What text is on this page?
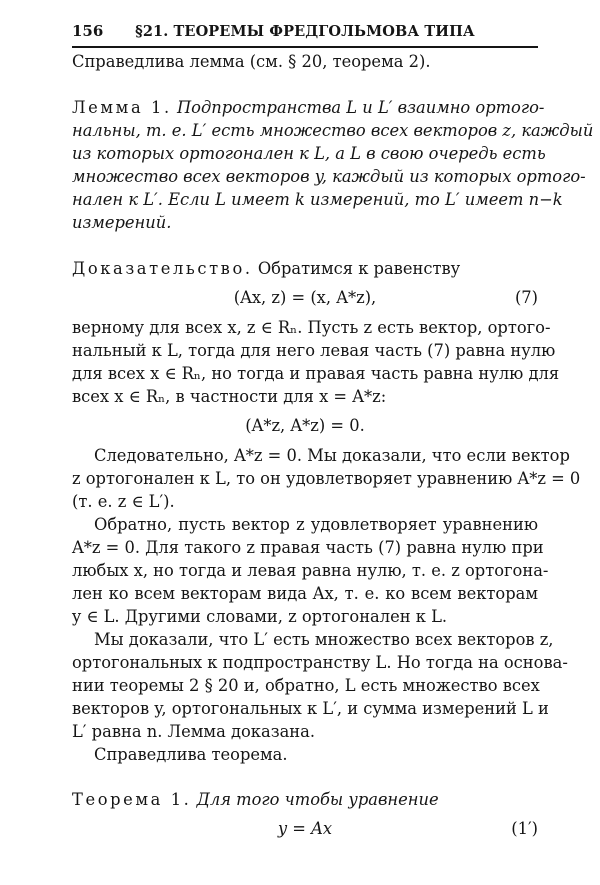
156	§21. ТЕОРЕМЫ ФРЕДГОЛЬМОВА ТИПА
Справедлива лемма (см. § 20, теорема 2).
Лемма 1. Подпространства L и L′ взаимно ортого-
нальны, т. е. L′ есть множество всех векторов z, каждый
из которых ортогонален к L, а L в свою очередь есть
множество всех векторов y, каждый из которых ортого-
нален к L′. Если L имеет k измерений, то L′ имеет n−k
измерений.
Доказательство. Обратимся к равенству
(Ax, z) = (x, A*z),	(7)
верному для всех x, z ∈ Rₙ. Пусть z есть вектор, ортого-
нальный к L, тогда для него левая часть (7) равна нулю
для всех x ∈ Rₙ, но тогда и правая часть равна нулю для
всех x ∈ Rₙ, в частности для x = A*z:
(A*z, A*z) = 0.
Следовательно, A*z = 0. Мы доказали, что если вектор
z ортогонален к L, то он удовлетворяет уравнению A*z = 0
(т. е. z ∈ L′).
Обратно, пусть вектор z удовлетворяет уравнению
A*z = 0. Для такого z правая часть (7) равна нулю при
любых x, но тогда и левая равна нулю, т. е. z ортогона-
лен ко всем векторам вида Ax, т. е. ко всем векторам
y ∈ L. Другими словами, z ортогонален к L.
Мы доказали, что L′ есть множество всех векторов z,
ортогональных к подпространству L. Но тогда на основа-
нии теоремы 2 § 20 и, обратно, L есть множество всех
векторов y, ортогональных к L′, и сумма измерений L и
L′ равна n. Лемма доказана.
Справедлива теорема.
Теорема 1. Для того чтобы уравнение
y = Ax	(1′)
